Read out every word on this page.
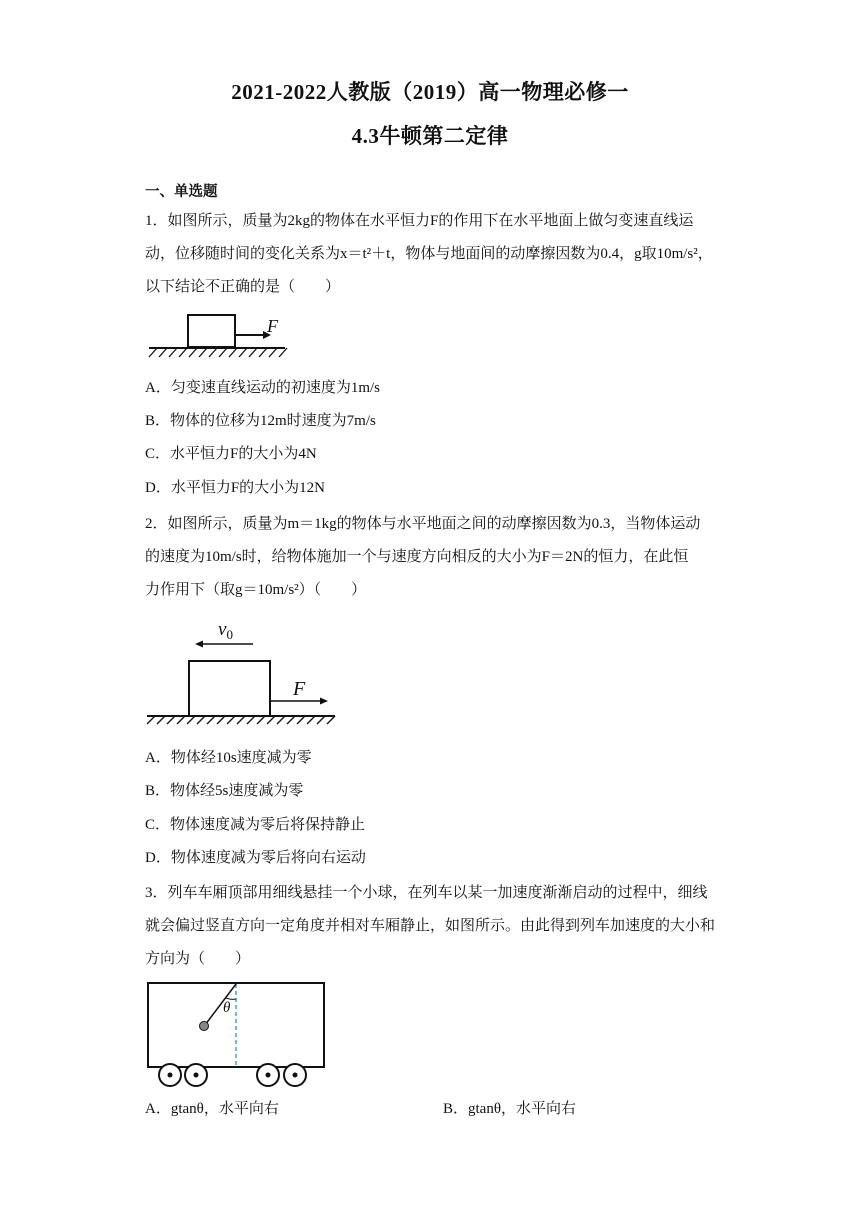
2021-2022人教版（2019）高一物理必修一
4.3牛顿第二定律
一、单选题
1．如图所示，质量为2kg的物体在水平恒力F的作用下在水平地面上做匀变速直线运
动，位移随时间的变化关系为x＝t²＋t，物体与地面间的动摩擦因数为0.4，g取10m/s²，
以下结论不正确的是（　　）
F
A．匀变速直线运动的初速度为1m/s
B．物体的位移为12m时速度为7m/s
C．水平恒力F的大小为4N
D．水平恒力F的大小为12N
2．如图所示，质量为m＝1kg的物体与水平地面之间的动摩擦因数为0.3，当物体运动
的速度为10m/s时，给物体施加一个与速度方向相反的大小为F＝2N的恒力，在此恒
力作用下（取g＝10m/s²）（　　）
$v_0$
F
A．物体经10s速度减为零
B．物体经5s速度减为零
C．物体速度减为零后将保持静止
D．物体速度减为零后将向右运动
3．列车车厢顶部用细线悬挂一个小球，在列车以某一加速度渐渐启动的过程中，细线
就会偏过竖直方向一定角度并相对车厢静止，如图所示。由此得到列车加速度的大小和
方向为（　　）
θ
A．gtanθ，水平向右	B．gtanθ，水平向右
